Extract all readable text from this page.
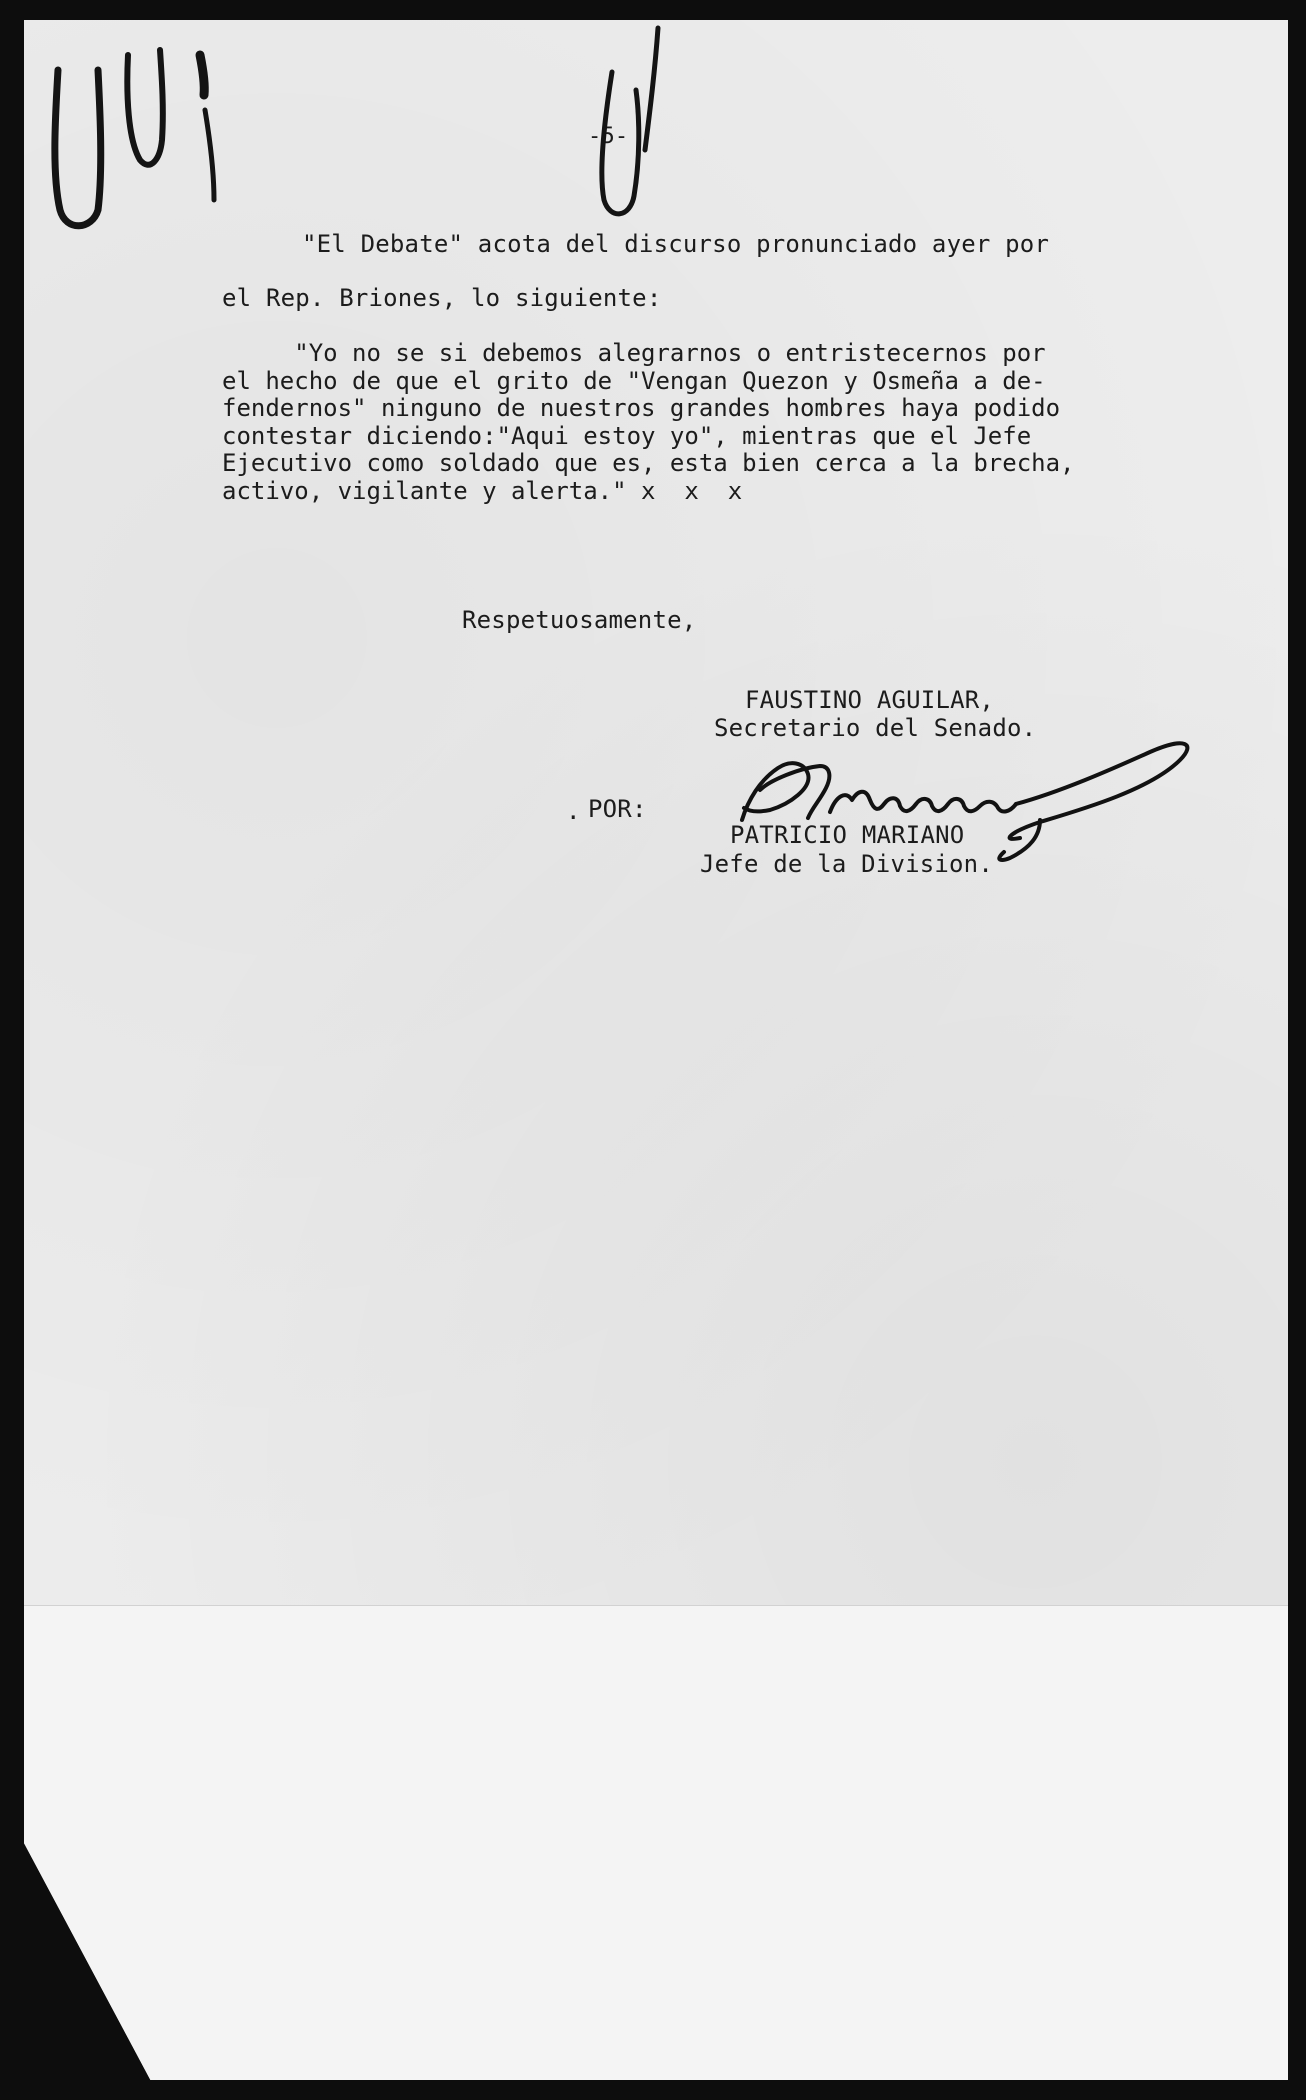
-5-
"El Debate" acota del discurso pronunciado ayer por
el Rep. Briones, lo siguiente:
"Yo no se si debemos alegrarnos o entristecernos por
el hecho de que el grito de "Vengan Quezon y Osmeña a de-
fendernos" ninguno de nuestros grandes hombres haya podido
contestar diciendo:"Aqui estoy yo", mientras que el Jefe
Ejecutivo como soldado que es, esta bien cerca a la brecha,
activo, vigilante y alerta." x  x  x
Respetuosamente,
FAUSTINO AGUILAR,
Secretario del Senado.
. POR:
PATRICIO MARIANO
Jefe de la Division.
